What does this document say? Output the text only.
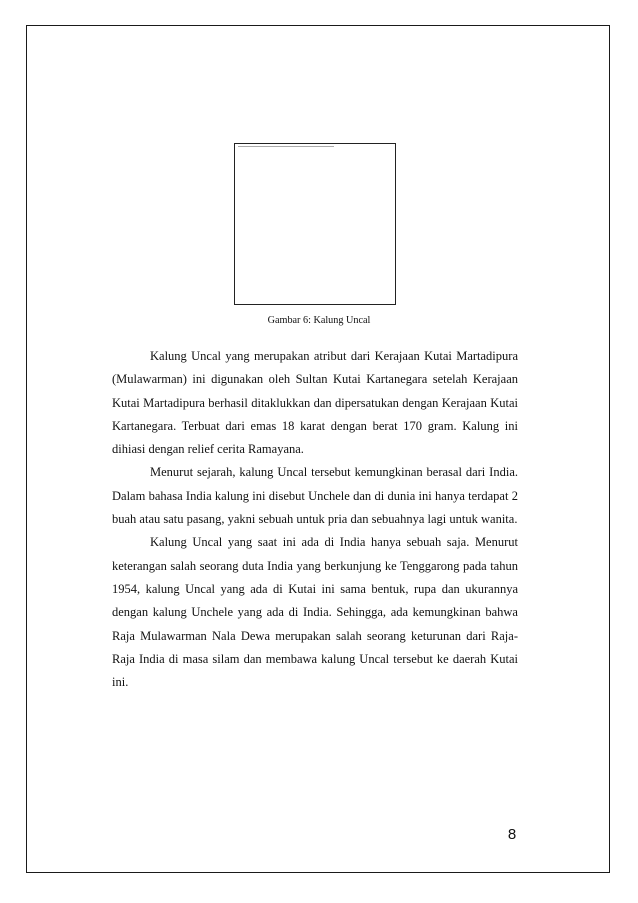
Gambar 6: Kalung Uncal

Kalung Uncal yang merupakan atribut dari Kerajaan Kutai Martadipura (Mulawarman) ini digunakan oleh Sultan Kutai Kartanegara setelah Kerajaan Kutai Martadipura berhasil ditaklukkan dan dipersatukan dengan Kerajaan Kutai Kartanegara. Terbuat dari emas 18 karat dengan berat 170 gram. Kalung ini dihiasi dengan relief cerita Ramayana.

Menurut sejarah, kalung Uncal tersebut kemungkinan berasal dari India. Dalam bahasa India kalung ini disebut Unchele dan di dunia ini hanya terdapat 2 buah atau satu pasang, yakni sebuah untuk pria dan sebuahnya lagi untuk wanita.

Kalung Uncal yang saat ini ada di India hanya sebuah saja. Menurut keterangan salah seorang duta India yang berkunjung ke Tenggarong pada tahun 1954, kalung Uncal yang ada di Kutai ini sama bentuk, rupa dan ukurannya dengan kalung Unchele yang ada di India. Sehingga, ada kemungkinan bahwa Raja Mulawarman Nala Dewa merupakan salah seorang keturunan dari Raja-Raja India di masa silam dan membawa kalung Uncal tersebut ke daerah Kutai ini.

8
